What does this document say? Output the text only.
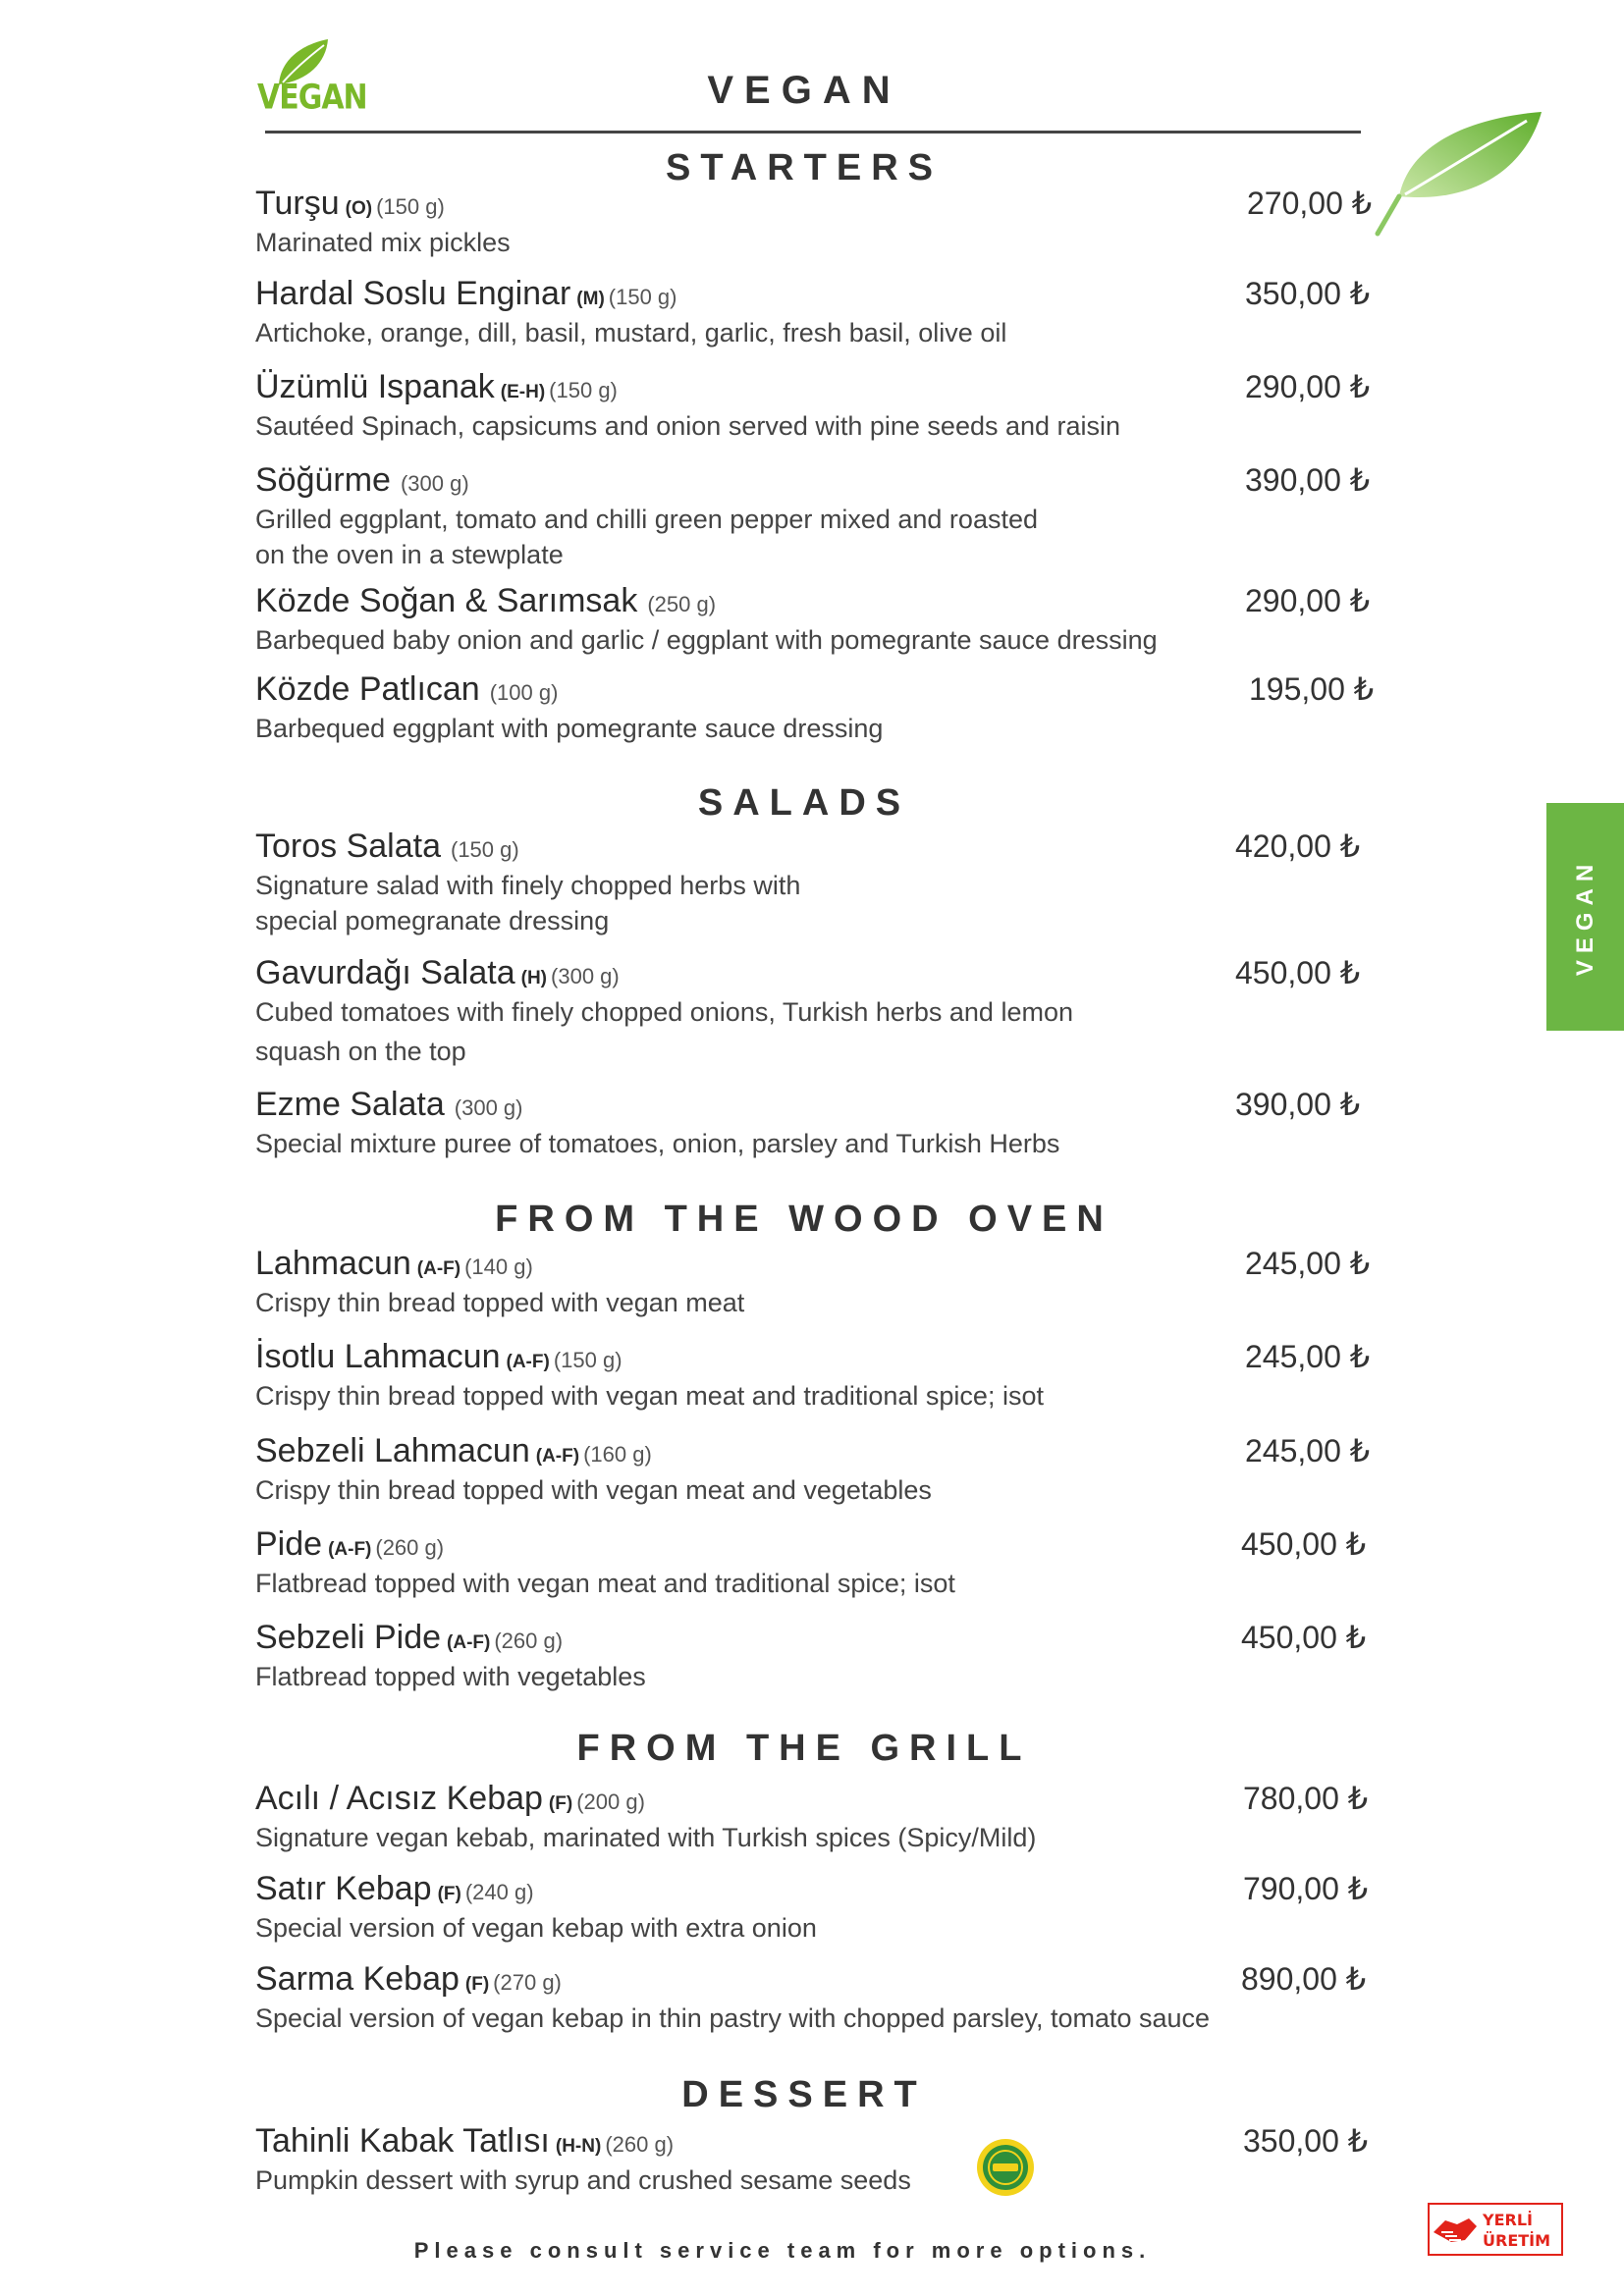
VEGAN	VEGAN
VEGAN
STARTERS
SALADS
FROM THE WOOD OVEN
FROM THE GRILL
DESSERT
Turşu (O) (150 g)	270,00 ₺
Marinated mix pickles
Hardal Soslu Enginar (M) (150 g)	350,00 ₺
Artichoke, orange, dill, basil, mustard, garlic, fresh basil, olive oil
Üzümlü Ispanak (E-H) (150 g)	290,00 ₺
Sautéed Spinach, capsicums and onion served with pine seeds and raisin
Söğürme (300 g)	390,00 ₺
Grilled eggplant, tomato and chilli green pepper mixed and roasted
on the oven in a stewplate
Közde Soğan & Sarımsak (250 g)	290,00 ₺
Barbequed baby onion and garlic / eggplant with pomegrante sauce dressing
Közde Patlıcan (100 g)	195,00 ₺
Barbequed eggplant with pomegrante sauce dressing
Toros Salata (150 g)	420,00 ₺
Signature salad with finely chopped herbs with
special pomegranate dressing
Gavurdağı Salata (H) (300 g)	450,00 ₺
Cubed tomatoes with finely chopped onions, Turkish herbs and lemon
squash on the top
Ezme Salata (300 g)	390,00 ₺
Special mixture puree of tomatoes, onion, parsley and Turkish Herbs
Lahmacun (A-F) (140 g)	245,00 ₺
Crispy thin bread topped with vegan meat
İsotlu Lahmacun (A-F) (150 g)	245,00 ₺
Crispy thin bread topped with vegan meat and traditional spice; isot
Sebzeli Lahmacun (A-F) (160 g)	245,00 ₺
Crispy thin bread topped with vegan meat and vegetables
Pide (A-F) (260 g)	450,00 ₺
Flatbread topped with vegan meat and traditional spice; isot
Sebzeli Pide (A-F) (260 g)	450,00 ₺
Flatbread topped with vegetables
Acılı / Acısız Kebap (F) (200 g)	780,00 ₺
Signature vegan kebab, marinated with Turkish spices (Spicy/Mild)
Satır Kebap (F) (240 g)	790,00 ₺
Special version of vegan kebap with extra onion
Sarma Kebap (F) (270 g)	890,00 ₺
Special version of vegan kebap in thin pastry with chopped parsley, tomato sauce
Tahinli Kabak Tatlısı (H-N) (260 g)	350,00 ₺
Pumpkin dessert with syrup and crushed sesame seeds
Please consult service team for more options.
YERLİ
ÜRETİM
